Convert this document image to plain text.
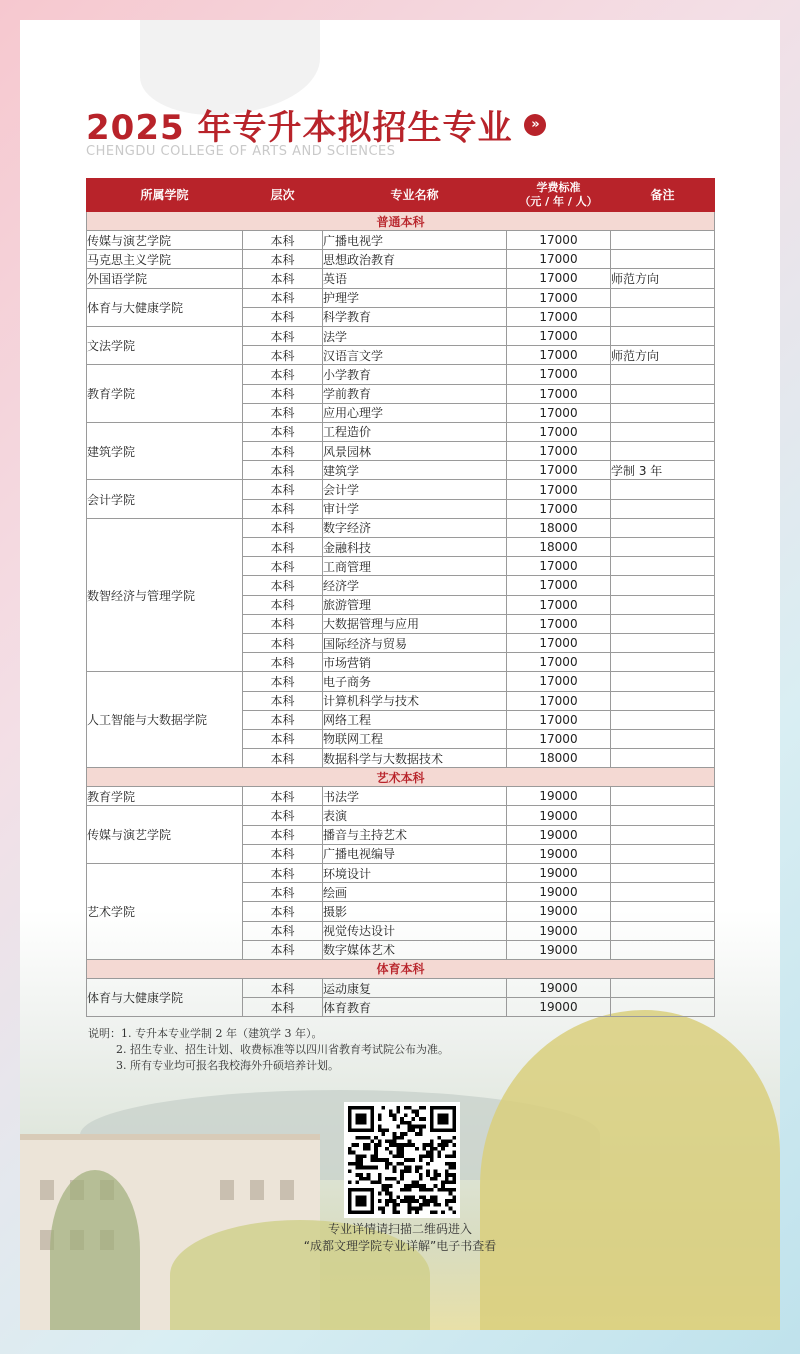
2025 年专升本拟招生专业	»
CHENGDU COLLEGE OF ARTS AND SCIENCES
所属学院	层次	专业名称	学费标准
（元 / 年 / 人）	备注
普通本科				
传媒与演艺学院	本科	广播电视学	17000	
马克思主义学院	本科	思想政治教育	17000	
外国语学院	本科	英语	17000	师范方向
体育与大健康学院	本科	护理学	17000	
	本科	科学教育	17000	
文法学院	本科	法学	17000	
	本科	汉语言文学	17000	师范方向
教育学院	本科	小学教育	17000	
	本科	学前教育	17000	
	本科	应用心理学	17000	
建筑学院	本科	工程造价	17000	
	本科	风景园林	17000	
	本科	建筑学	17000	学制 3 年
会计学院	本科	会计学	17000	
	本科	审计学	17000	
数智经济与管理学院	本科	数字经济	18000	
	本科	金融科技	18000	
	本科	工商管理	17000	
	本科	经济学	17000	
	本科	旅游管理	17000	
	本科	大数据管理与应用	17000	
	本科	国际经济与贸易	17000	
	本科	市场营销	17000	
人工智能与大数据学院	本科	电子商务	17000	
	本科	计算机科学与技术	17000	
	本科	网络工程	17000	
	本科	物联网工程	17000	
	本科	数据科学与大数据技术	18000	
艺术本科				
教育学院	本科	书法学	19000	
传媒与演艺学院	本科	表演	19000	
	本科	播音与主持艺术	19000	
	本科	广播电视编导	19000	
艺术学院	本科	环境设计	19000	
	本科	绘画	19000	
	本科	摄影	19000	
	本科	视觉传达设计	19000	
	本科	数字媒体艺术	19000	
体育本科				
体育与大健康学院	本科	运动康复	19000	
	本科	体育教育	19000	
说明：1. 专升本专业学制 2 年（建筑学 3 年）。
2. 招生专业、招生计划、收费标准等以四川省教育考试院公布为准。
3. 所有专业均可报名我校海外升硕培养计划。
专业详情请扫描二维码进入
“成都文理学院专业详解”电子书查看
